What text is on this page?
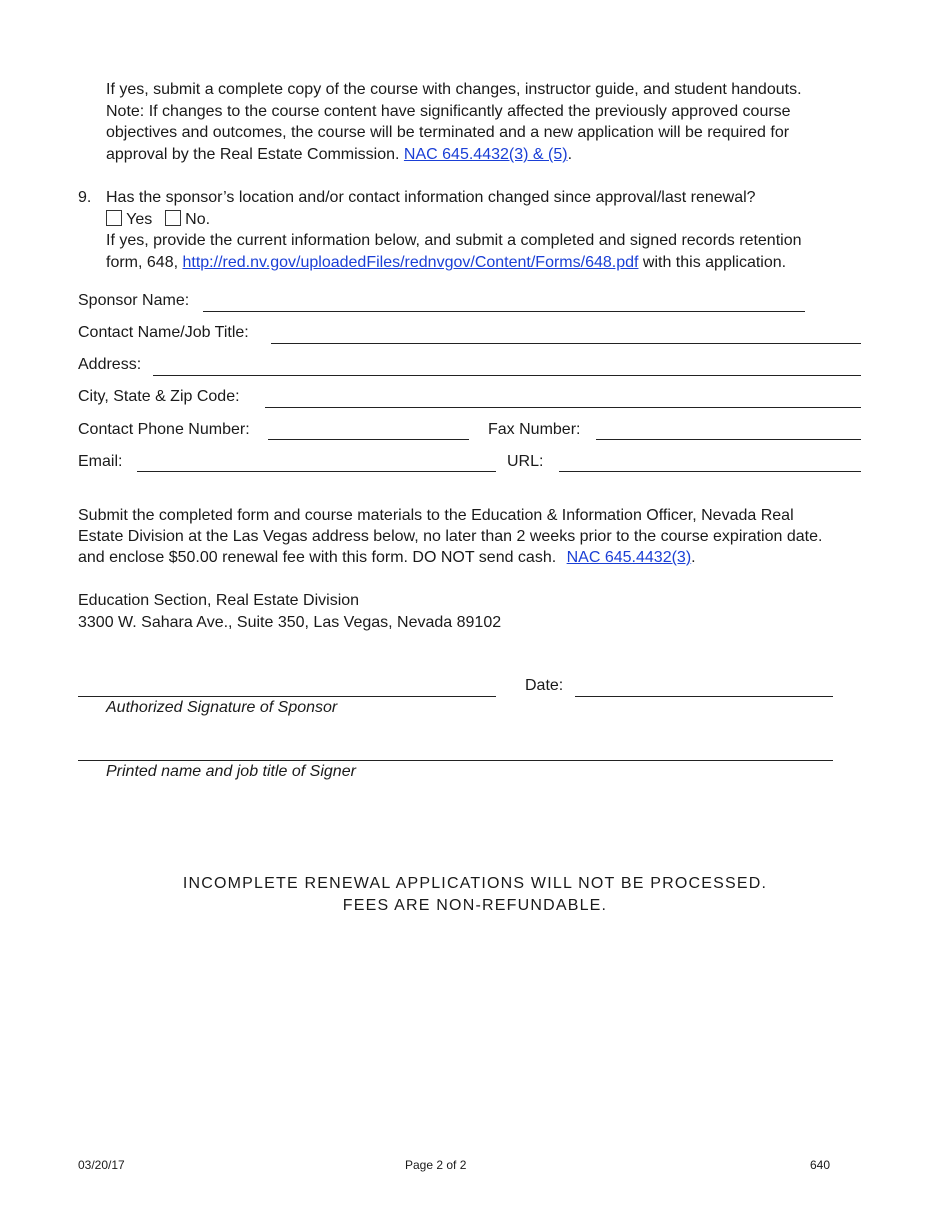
If yes, submit a complete copy of the course with changes, instructor guide, and student handouts.
Note: If changes to the course content have significantly affected the previously approved course
objectives and outcomes, the course will be terminated and a new application will be required for
approval by the Real Estate Commission. NAC 645.4432(3) & (5).
9. Has the sponsor’s location and/or contact information changed since approval/last renewal?
Yes No.
If yes, provide the current information below, and submit a completed and signed records retention
form, 648, http://red.nv.gov/uploadedFiles/rednvgov/Content/Forms/648.pdf with this application.
Sponsor Name:
Contact Name/Job Title:
Address:
City, State & Zip Code:
Contact Phone Number:	Fax Number:
Email:	URL:
Submit the completed form and course materials to the Education & Information Officer, Nevada Real
Estate Division at the Las Vegas address below, no later than 2 weeks prior to the course expiration date.
and enclose $50.00 renewal fee with this form. DO NOT send cash. NAC 645.4432(3).
Education Section, Real Estate Division
3300 W. Sahara Ave., Suite 350, Las Vegas, Nevada 89102
Date:
Authorized Signature of Sponsor
Printed name and job title of Signer
INCOMPLETE RENEWAL APPLICATIONS WILL NOT BE PROCESSED.
FEES ARE NON-REFUNDABLE.
03/20/17	Page 2 of 2	640
